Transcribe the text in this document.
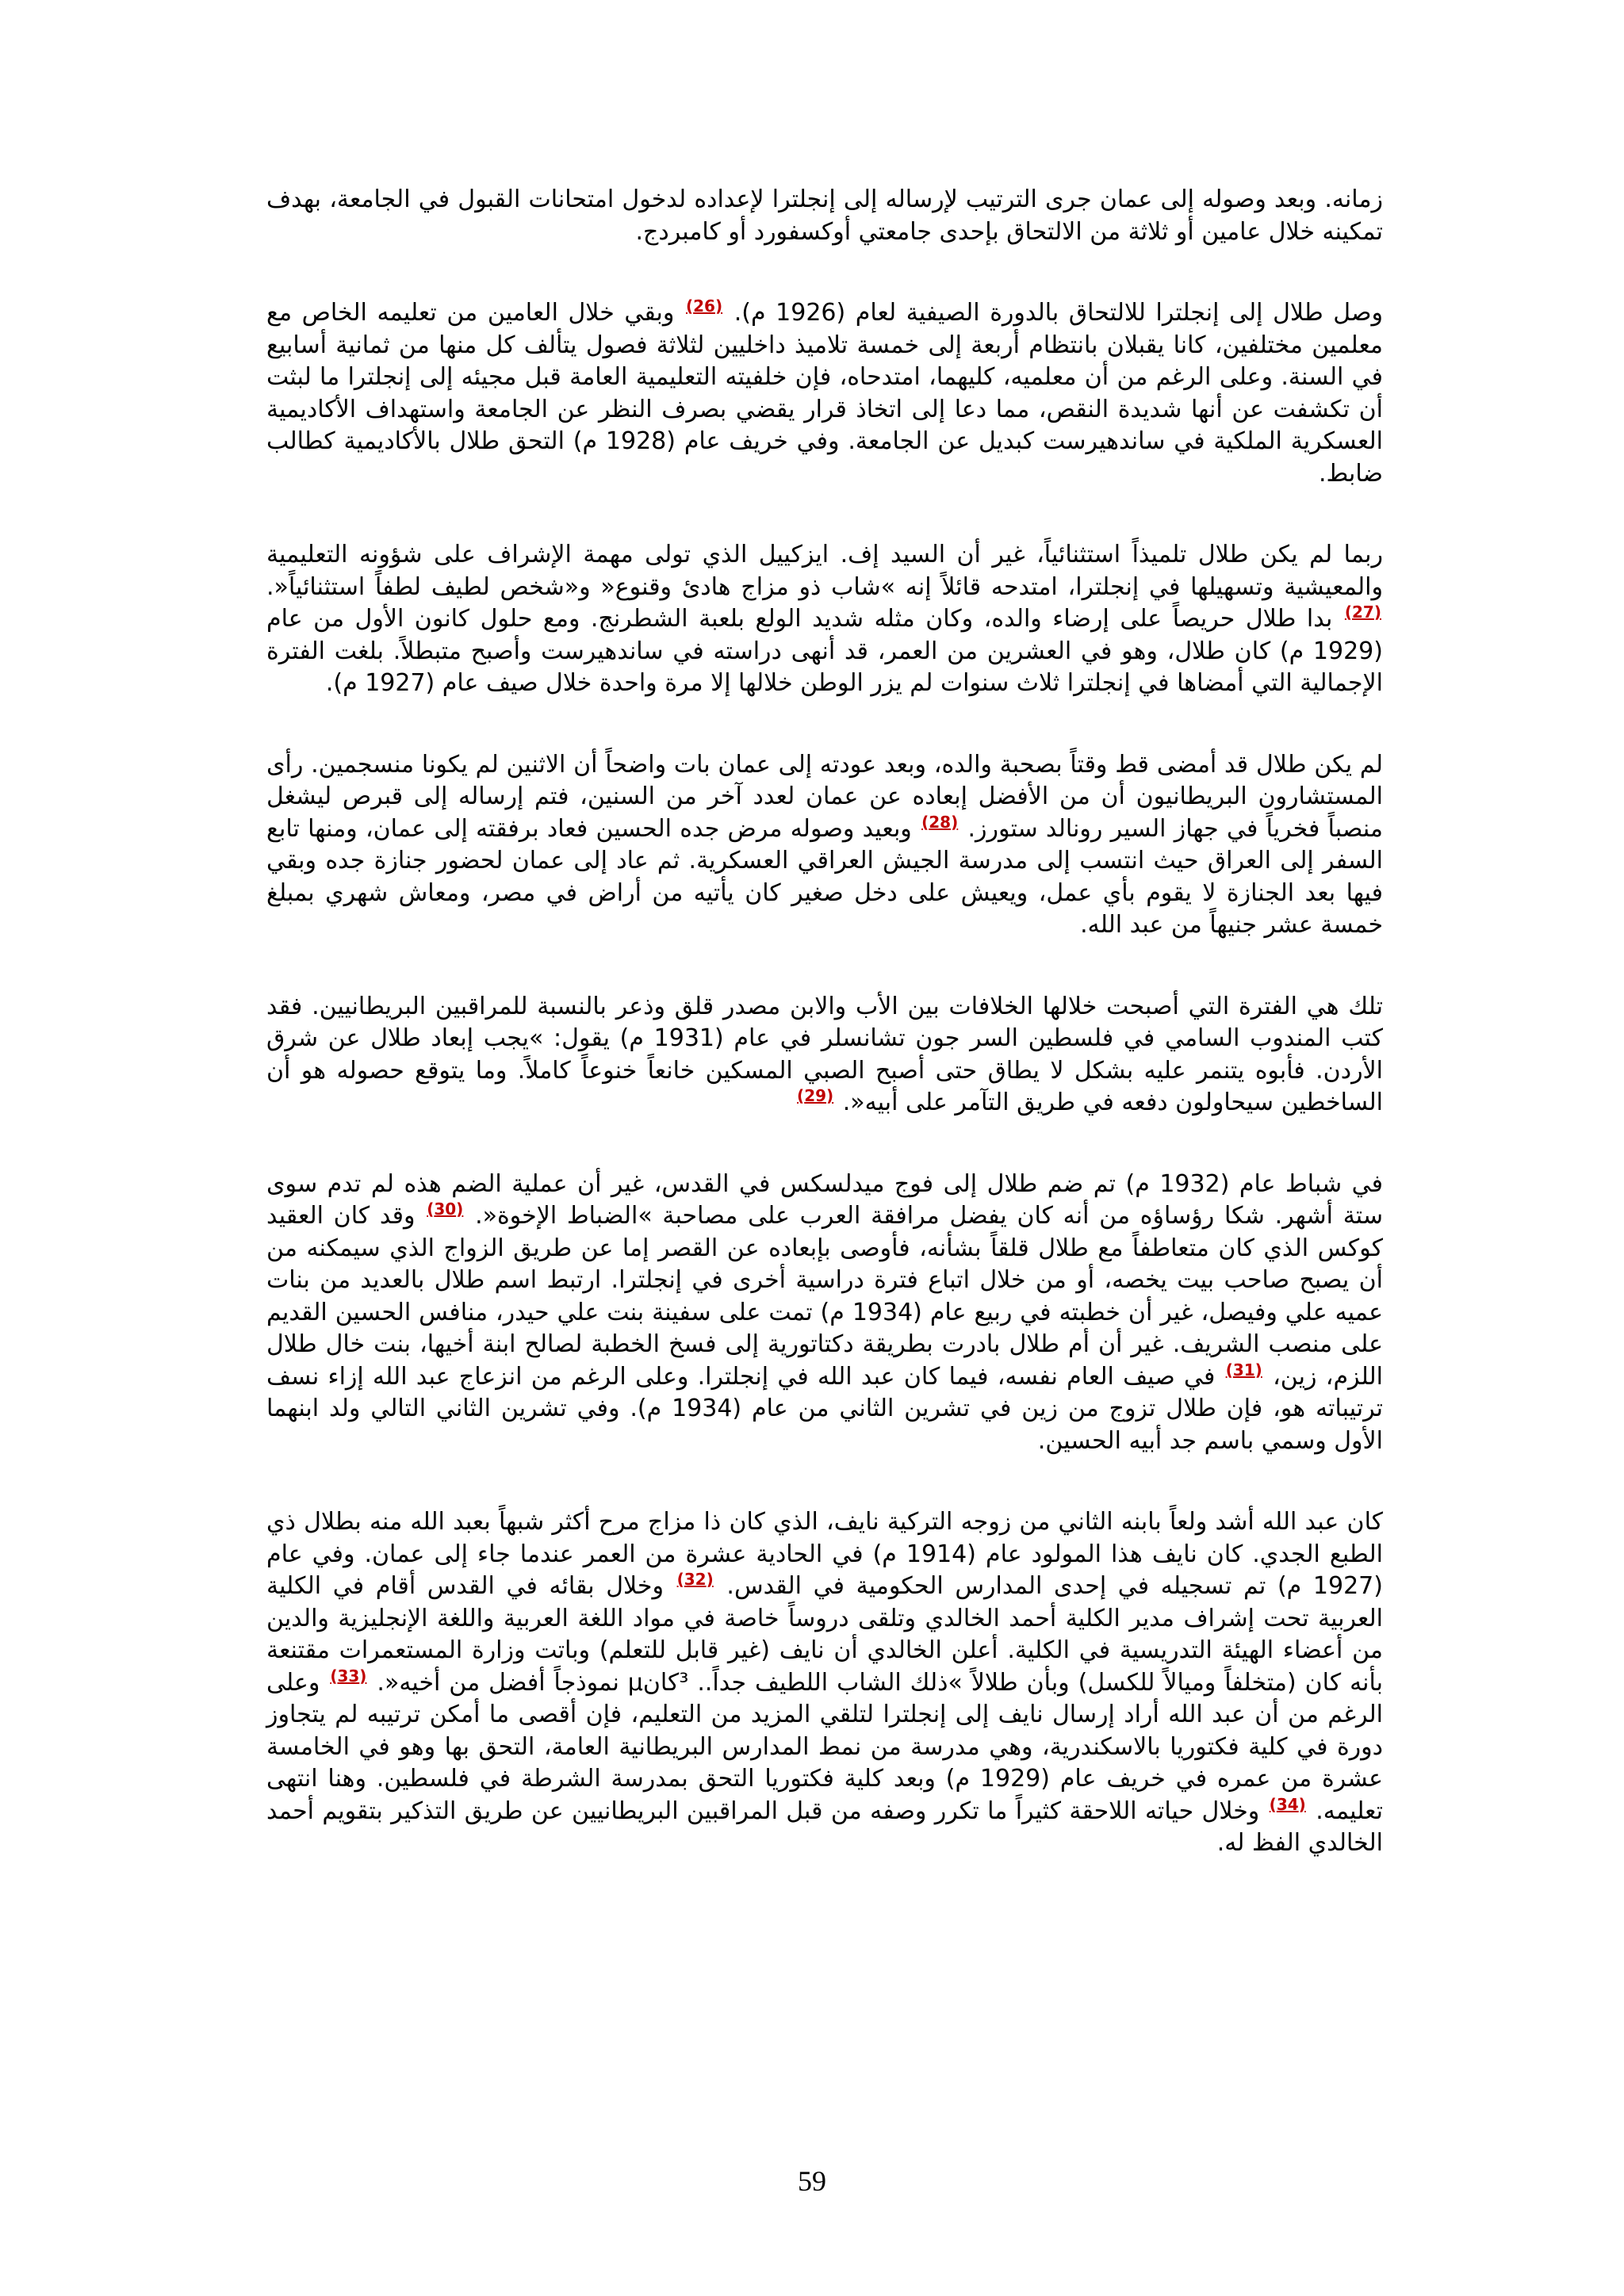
زمانه. وبعد وصوله إلى عمان جرى الترتيب لإرساله إلى إنجلترا لإعداده لدخول امتحانات القبول في الجامعة، بهدف تمكينه خلال عامين أو ثلاثة من الالتحاق بإحدى جامعتي أوكسفورد أو كامبردج.

وصل طلال إلى إنجلترا للالتحاق بالدورة الصيفية لعام (1926 م). $^{(26)}$ وبقي خلال العامين من تعليمه الخاص مع معلمين مختلفين، كانا يقبلان بانتظام أربعة إلى خمسة تلاميذ داخليين لثلاثة فصول يتألف كل منها من ثمانية أسابيع في السنة. وعلى الرغم من أن معلميه، كليهما، امتدحاه، فإن خلفيته التعليمية العامة قبل مجيئه إلى إنجلترا ما لبثت أن تكشفت عن أنها شديدة النقص، مما دعا إلى اتخاذ قرار يقضي بصرف النظر عن الجامعة واستهداف الأكاديمية العسكرية الملكية في ساندهيرست كبديل عن الجامعة. وفي خريف عام (1928 م) التحق طلال بالأكاديمية كطالب ضابط.

ربما لم يكن طلال تلميذاً استثنائياً، غير أن السيد إف. ايزكييل الذي تولى مهمة الإشراف على شؤونه التعليمية والمعيشية وتسهيلها في إنجلترا، امتدحه قائلاً إنه »شاب ذو مزاج هادئ وقنوع« و«شخص لطيف لطفاً استثنائياً«. $^{(27)}$ بدا طلال حريصاً على إرضاء والده، وكان مثله شديد الولع بلعبة الشطرنج. ومع حلول كانون الأول من عام (1929 م) كان طلال، وهو في العشرين من العمر، قد أنهى دراسته في ساندهيرست وأصبح متبطلاً. بلغت الفترة الإجمالية التي أمضاها في إنجلترا ثلاث سنوات لم يزر الوطن خلالها إلا مرة واحدة خلال صيف عام (1927 م).

لم يكن طلال قد أمضى قط وقتاً بصحبة والده، وبعد عودته إلى عمان بات واضحاً أن الاثنين لم يكونا منسجمين. رأى المستشارون البريطانيون أن من الأفضل إبعاده عن عمان لعدد آخر من السنين، فتم إرساله إلى قبرص ليشغل منصباً فخرياً في جهاز السير رونالد ستورز. $^{(28)}$ وبعيد وصوله مرض جده الحسين فعاد برفقته إلى عمان، ومنها تابع السفر إلى العراق حيث انتسب إلى مدرسة الجيش العراقي العسكرية. ثم عاد إلى عمان لحضور جنازة جده وبقي فيها بعد الجنازة لا يقوم بأي عمل، ويعيش على دخل صغير كان يأتيه من أراض في مصر، ومعاش شهري بمبلغ خمسة عشر جنيهاً من عبد الله.

تلك هي الفترة التي أصبحت خلالها الخلافات بين الأب والابن مصدر قلق وذعر بالنسبة للمراقبين البريطانيين. فقد كتب المندوب السامي في فلسطين السر جون تشانسلر في عام (1931 م) يقول: »يجب إبعاد طلال عن شرق الأردن. فأبوه يتنمر عليه بشكل لا يطاق حتى أصبح الصبي المسكين خانعاً خنوعاً كاملاً. وما يتوقع حصوله هو أن الساخطين سيحاولون دفعه في طريق التآمر على أبيه«. $^{(29)}$

في شباط عام (1932 م) تم ضم طلال إلى فوج ميدلسكس في القدس، غير أن عملية الضم هذه لم تدم سوى ستة أشهر. شكا رؤساؤه من أنه كان يفضل مرافقة العرب على مصاحبة »الضباط الإخوة«. $^{(30)}$ وقد كان العقيد كوكس الذي كان متعاطفاً مع طلال قلقاً بشأنه، فأوصى بإبعاده عن القصر إما عن طريق الزواج الذي سيمكنه من أن يصبح صاحب بيت يخصه، أو من خلال اتباع فترة دراسية أخرى في إنجلترا. ارتبط اسم طلال بالعديد من بنات عميه علي وفيصل، غير أن خطبته في ربيع عام (1934 م) تمت على سفينة بنت علي حيدر، منافس الحسين القديم على منصب الشريف. غير أن أم طلال بادرت بطريقة دكتاتورية إلى فسخ الخطبة لصالح ابنة أخيها، بنت خال طلال اللزم، زين، $^{(31)}$ في صيف العام نفسه، فيما كان عبد الله في إنجلترا. وعلى الرغم من انزعاج عبد الله إزاء نسف ترتيباته هو، فإن طلال تزوج من زين في تشرين الثاني من عام (1934 م). وفي تشرين الثاني التالي ولد ابنهما الأول وسمي باسم جد أبيه الحسين.

كان عبد الله أشد ولعاً بابنه الثاني من زوجه التركية نايف، الذي كان ذا مزاج مرح أكثر شبهاً بعبد الله منه بطلال ذي الطبع الجدي. كان نايف هذا المولود عام (1914 م) في الحادية عشرة من العمر عندما جاء إلى عمان. وفي عام (1927 م) تم تسجيله في إحدى المدارس الحكومية في القدس. $^{(32)}$ وخلال بقائه في القدس أقام في الكلية العربية تحت إشراف مدير الكلية أحمد الخالدي وتلقى دروساً خاصة في مواد اللغة العربية واللغة الإنجليزية والدين من أعضاء الهيئة التدريسية في الكلية. أعلن الخالدي أن نايف (غير قابل للتعلم) وباتت وزارة المستعمرات مقتنعة بأنه كان (متخلفاً وميالاً للكسل) وبأن طلالاً »ذلك الشاب اللطيف جداً.. ³كانµ نموذجاً أفضل من أخيه«. $^{(33)}$ وعلى الرغم من أن عبد الله أراد إرسال نايف إلى إنجلترا لتلقي المزيد من التعليم، فإن أقصى ما أمكن ترتيبه لم يتجاوز دورة في كلية فكتوريا بالاسكندرية، وهي مدرسة من نمط المدارس البريطانية العامة، التحق بها وهو في الخامسة عشرة من عمره في خريف عام (1929 م) وبعد كلية فكتوريا التحق بمدرسة الشرطة في فلسطين. وهنا انتهى تعليمه. $^{(34)}$ وخلال حياته اللاحقة كثيراً ما تكرر وصفه من قبل المراقبين البريطانيين عن طريق التذكير بتقويم أحمد الخالدي الفظ له.

59
